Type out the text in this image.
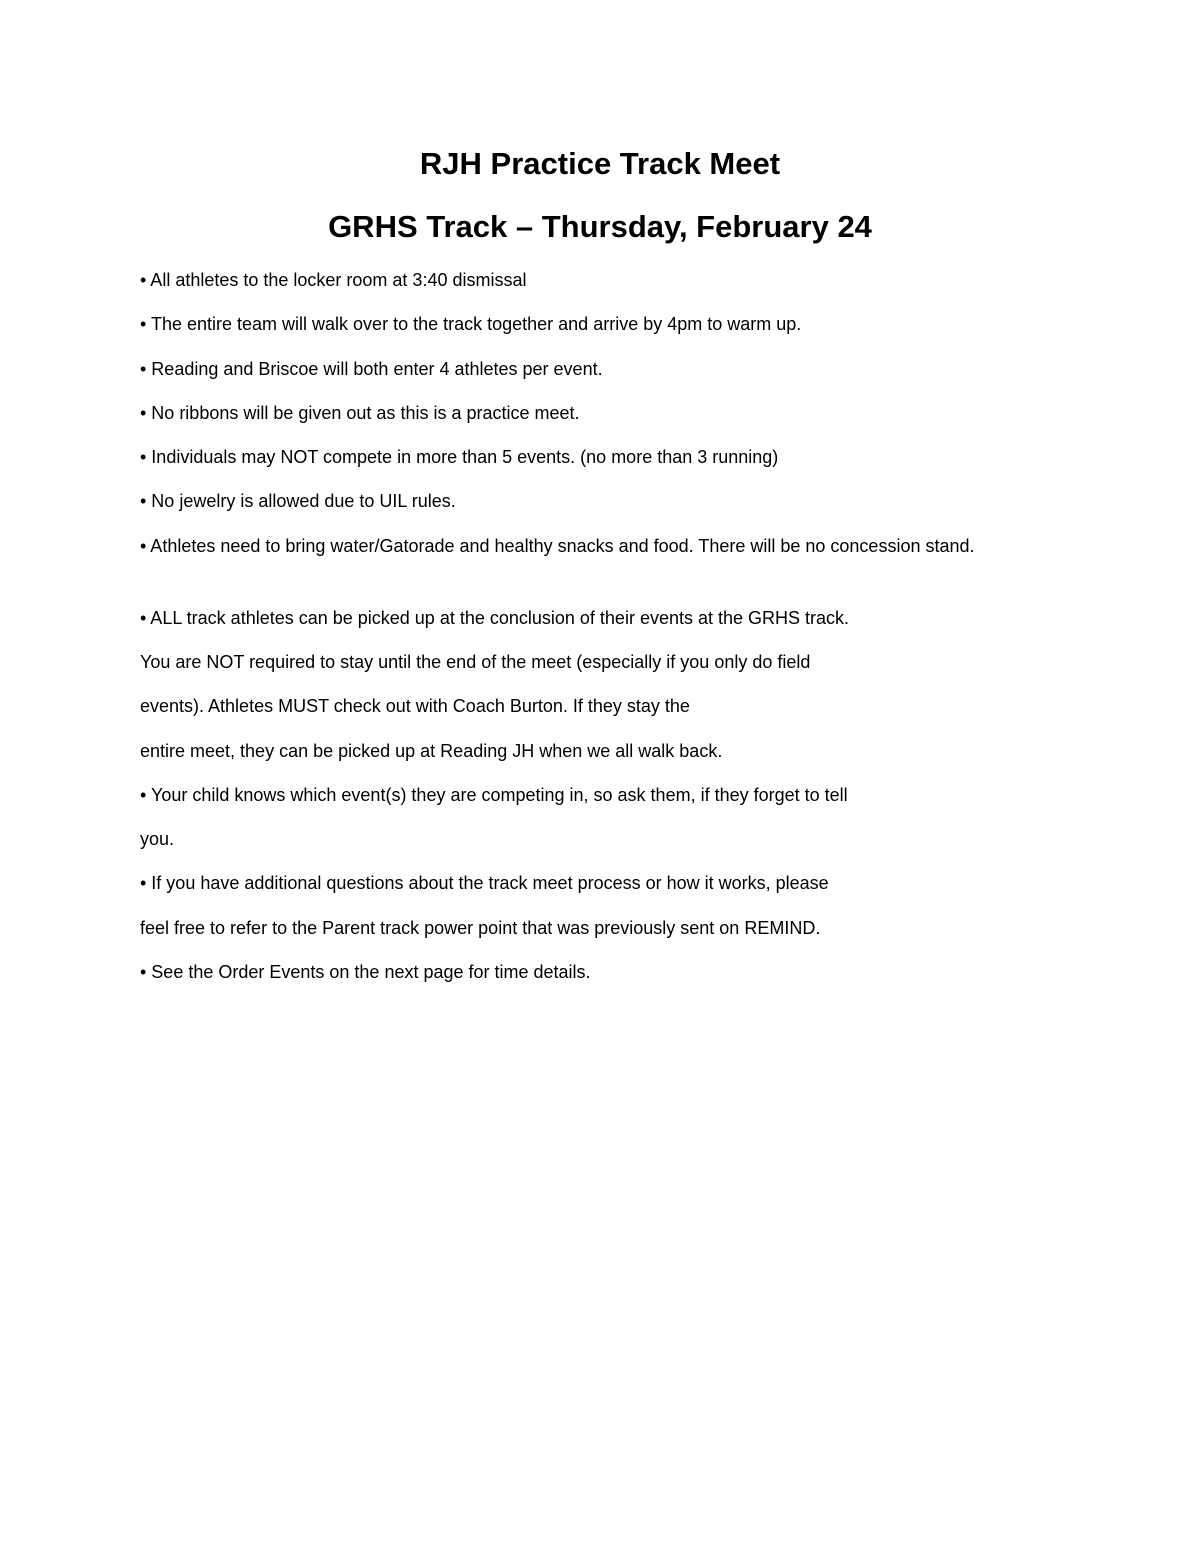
RJH Practice Track Meet
GRHS Track – Thursday, February 24

• All athletes to the locker room at 3:40 dismissal

• The entire team will walk over to the track together and arrive by 4pm to warm up.

• Reading and Briscoe will both enter 4 athletes per event.

• No ribbons will be given out as this is a practice meet.

• Individuals may NOT compete in more than 5 events. (no more than 3 running)

• No jewelry is allowed due to UIL rules.

• Athletes need to bring water/Gatorade and healthy snacks and food. There will be no concession stand.

• ALL track athletes can be picked up at the conclusion of their events at the GRHS track.

You are NOT required to stay until the end of the meet (especially if you only do field

events). Athletes MUST check out with Coach Burton. If they stay the

entire meet, they can be picked up at Reading JH when we all walk back.

• Your child knows which event(s) they are competing in, so ask them, if they forget to tell

you.

• If you have additional questions about the track meet process or how it works, please

feel free to refer to the Parent track power point that was previously sent on REMIND.

• See the Order Events on the next page for time details.
